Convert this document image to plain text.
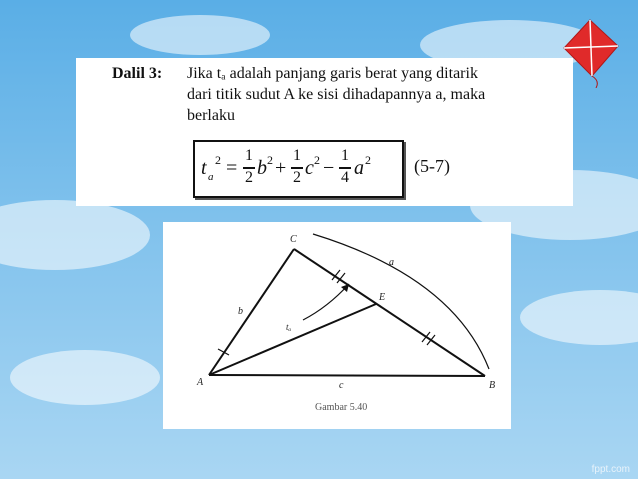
Dalil 3: Jika tₐ adalah panjang garis berat yang ditarik
dari titik sudut A ke sisi dihadapannya a, maka
berlaku
t a
2 =
1
2 b 2 +
1
2 c 2 −
1
4 a 2 (5-7)
C
E
A	B
a
b
c
tₐ
Gambar 5.40
fppt.com
